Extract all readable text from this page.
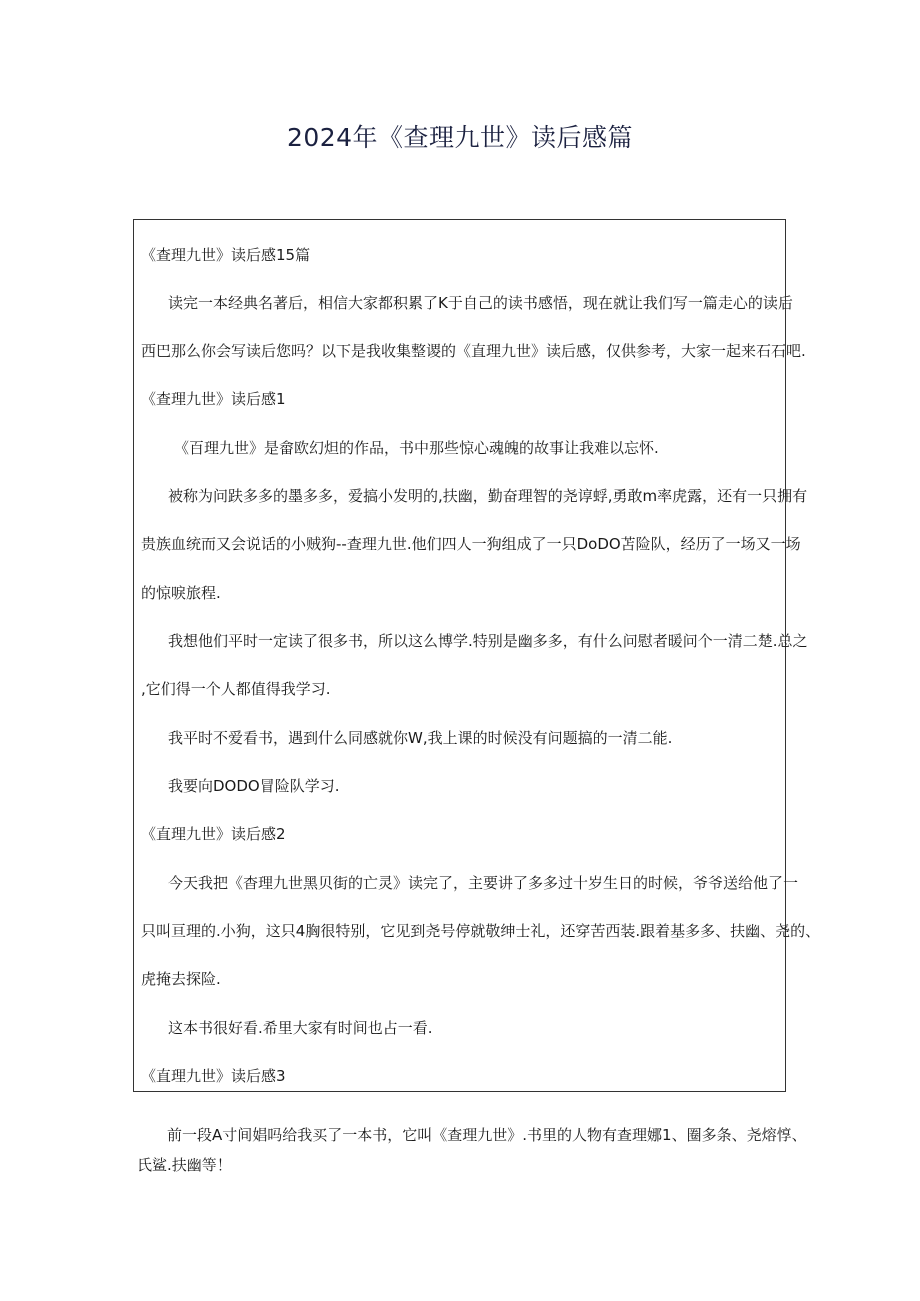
2024年《查理九世》读后感篇
《查理九世》读后感15篇
读完一本经典名著后，相信大家都积累了K于自己的读书感悟，现在就让我们写一篇走心的读后
西巴那么你会写读后您吗？以下是我收集整谡的《直理九世》读后感，仅供参考，大家一起来石石吧.
《查理九世》读后感1
《百理九世》是畲欧幻炟的作品，书中那些惊心魂魄的故事让我难以忘怀.
被称为问趺多多的墨多多，爱搞小发明的,扶幽，勤奋理智的尧谆蜉,勇敢m率虎露，还有一只拥有
贵族血统而又会说话的小贼狗--查理九世.他们四人一狗组成了一只DoDO苫险队，经历了一场又一场
的惊唳旅程.
我想他们平时一定读了很多书，所以这么博学.特别是幽多多，有什么问慰者暖问个一清二楚.总之
,它们得一个人都值得我学习.
我平时不爱看书，遇到什么同感就你W,我上课的时候没有问题搞的一清二能.
我要向DODO冒险队学习.
《直理九世》读后感2
今天我把《杳理九世黑贝街的亡灵》读完了，主要讲了多多过十岁生日的时候，爷爷送给他了一
只叫亘理的.小狗，这只4胸很特别，它见到尧号停就敬绅士礼，还穿苦西装.跟着基多多、扶幽、尧的、
虎掩去探险.
这本书很好看.希里大家有时间也占一看.
《直理九世》读后感3
前一段A寸间娼吗给我买了一本书，它叫《查理九世》.书里的人物有查理娜1、圈多条、尧熔惇、
氏鲨.扶幽等！
